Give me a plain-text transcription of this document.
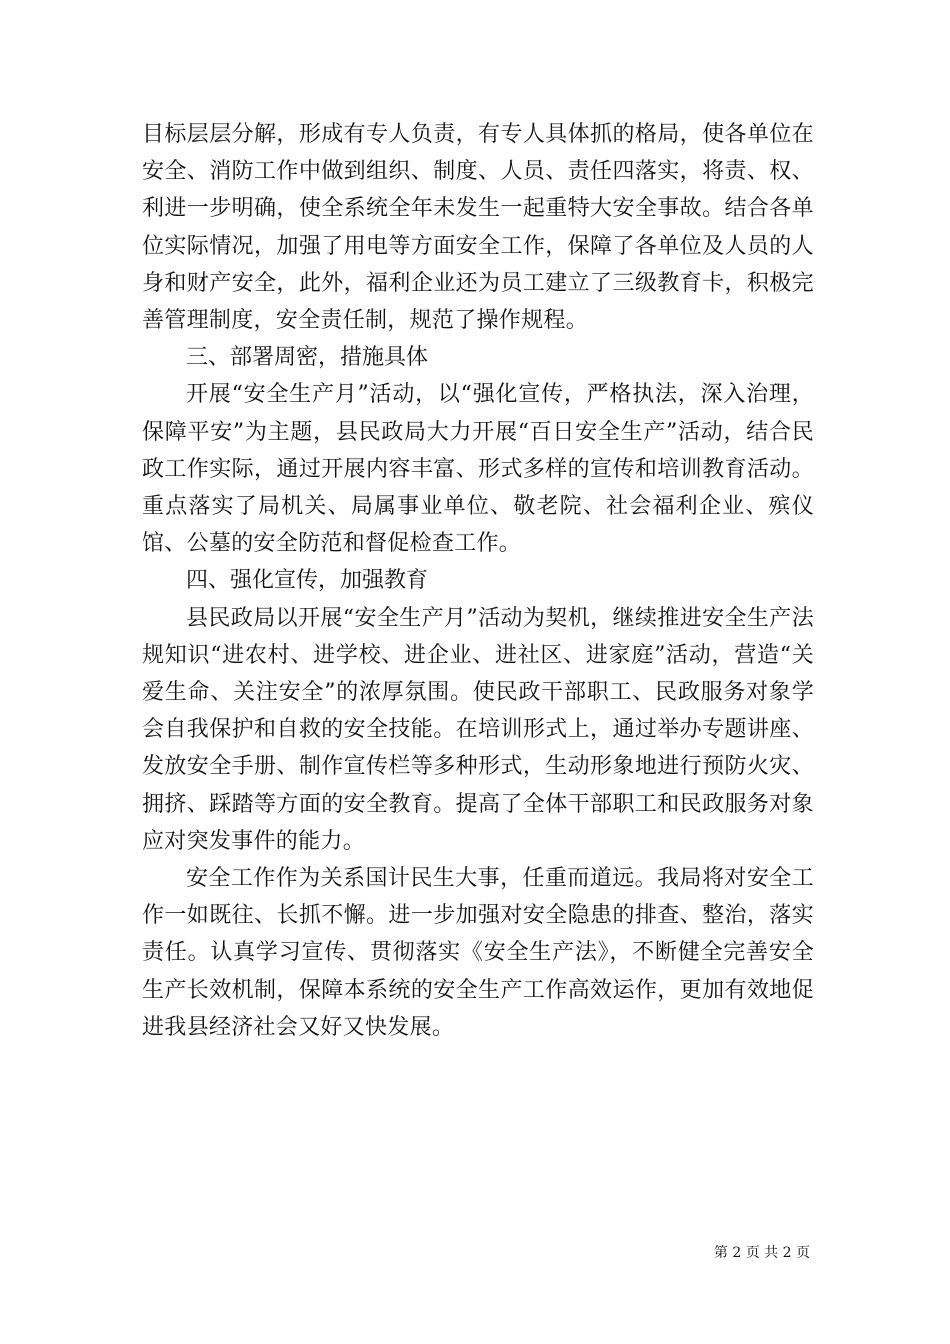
目标层层分解，形成有专人负责，有专人具体抓的格局，使各单位在安全、消防工作中做到组织、制度、人员、责任四落实，将责、权、利进一步明确，使全系统全年未发生一起重特大安全事故。结合各单位实际情况，加强了用电等方面安全工作，保障了各单位及人员的人身和财产安全，此外，福利企业还为员工建立了三级教育卡，积极完善管理制度，安全责任制，规范了操作规程。

三、部署周密，措施具体

开展“安全生产月”活动，以“强化宣传，严格执法，深入治理，保障平安”为主题，县民政局大力开展“百日安全生产”活动，结合民政工作实际，通过开展内容丰富、形式多样的宣传和培训教育活动。重点落实了局机关、局属事业单位、敬老院、社会福利企业、殡仪馆、公墓的安全防范和督促检查工作。

四、强化宣传，加强教育

县民政局以开展“安全生产月”活动为契机，继续推进安全生产法规知识“进农村、进学校、进企业、进社区、进家庭”活动，营造“关爱生命、关注安全”的浓厚氛围。使民政干部职工、民政服务对象学会自我保护和自救的安全技能。在培训形式上，通过举办专题讲座、发放安全手册、制作宣传栏等多种形式，生动形象地进行预防火灾、拥挤、踩踏等方面的安全教育。提高了全体干部职工和民政服务对象应对突发事件的能力。

安全工作作为关系国计民生大事，任重而道远。我局将对安全工作一如既往、长抓不懈。进一步加强对安全隐患的排查、整治，落实责任。认真学习宣传、贯彻落实《安全生产法》，不断健全完善安全生产长效机制，保障本系统的安全生产工作高效运作，更加有效地促进我县经济社会又好又快发展。

第 2 页 共 2 页
